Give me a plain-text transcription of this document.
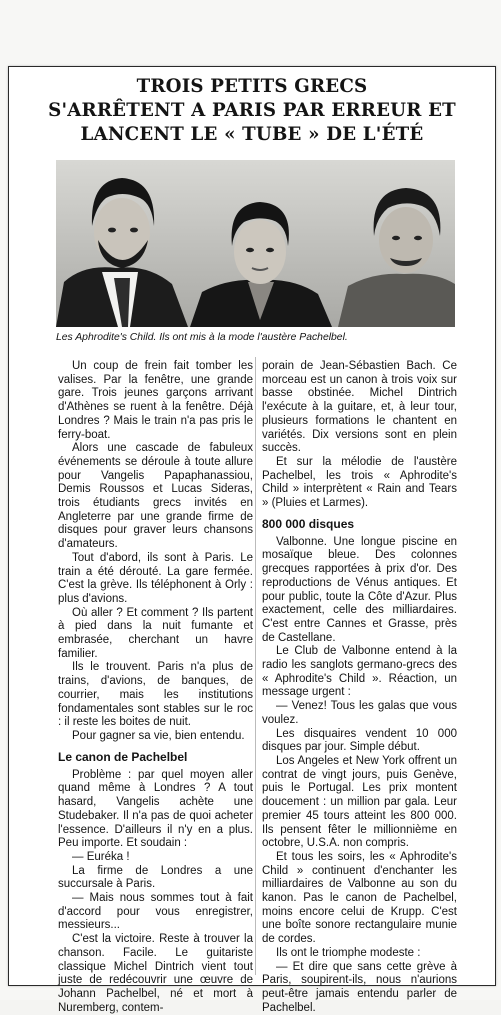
TROIS PETITS GRECS
S'ARRÊTENT A PARIS PAR ERREUR ET
LANCENT LE « TUBE » DE L'ÉTÉ
Les Aphrodite's Child. Ils ont mis à la mode l'austère Pachelbel.

Un coup de frein fait tomber les valises. Par la fenêtre, une grande gare. Trois jeunes garçons arrivant d'Athènes se ruent à la fenêtre. Déjà Londres ? Mais le train n'a pas pris le ferry-boat.

Alors une cascade de fabuleux événements se déroule à toute allure pour Vangelis Papaphanassiou, Demis Roussos et Lucas Sideras, trois étudiants grecs invités en Angleterre par une grande firme de disques pour graver leurs chansons d'amateurs.

Tout d'abord, ils sont à Paris. Le train a été dérouté. La gare fermée. C'est la grève. Ils téléphonent à Orly : plus d'avions.

Où aller ? Et comment ? Ils partent à pied dans la nuit fumante et embrasée, cherchant un havre familier.

Ils le trouvent. Paris n'a plus de trains, d'avions, de banques, de courrier, mais les institutions fondamentales sont stables sur le roc : il reste les boites de nuit.

Pour gagner sa vie, bien entendu.

Le canon de Pachelbel

Problème : par quel moyen aller quand même à Londres ? A tout hasard, Vangelis achète une Studebaker. Il n'a pas de quoi acheter l'essence. D'ailleurs il n'y en a plus. Peu importe. Et soudain :

— Euréka !

La firme de Londres a une succursale à Paris.

— Mais nous sommes tout à fait d'accord pour vous enregistrer, messieurs...

C'est la victoire. Reste à trouver la chanson. Facile. Le guitariste classique Michel Dintrich vient tout juste de redécouvrir une œuvre de Johann Pachelbel, né et mort à Nuremberg, contem-

porain de Jean-Sébastien Bach. Ce morceau est un canon à trois voix sur basse obstinée. Michel Dintrich l'exécute à la guitare, et, à leur tour, plusieurs formations le chantent en variétés. Dix versions sont en plein succès.

Et sur la mélodie de l'austère Pachelbel, les trois « Aphrodite's Child » interprètent « Rain and Tears » (Pluies et Larmes).

800 000 disques

Valbonne. Une longue piscine en mosaïque bleue. Des colonnes grecques rapportées à prix d'or. Des reproductions de Vénus antiques. Et pour public, toute la Côte d'Azur. Plus exactement, celle des milliardaires. C'est entre Cannes et Grasse, près de Castellane.

Le Club de Valbonne entend à la radio les sanglots germano-grecs des « Aphrodite's Child ». Réaction, un message urgent :

— Venez! Tous les galas que vous voulez.

Les disquaires vendent 10 000 disques par jour. Simple début.

Los Angeles et New York offrent un contrat de vingt jours, puis Genève, puis le Portugal. Les prix montent doucement : un million par gala. Leur premier 45 tours atteint les 800 000. Ils pensent fêter le millionnième en octobre, U.S.A. non compris.

Et tous les soirs, les « Aphrodite's Child » continuent d'enchanter les milliardaires de Valbonne au son du kanon. Pas le canon de Pachelbel, moins encore celui de Krupp. C'est une boîte sonore rectangulaire munie de cordes.

Ils ont le triomphe modeste :

— Et dire que sans cette grève à Paris, soupirent-ils, nous n'aurions peut-être jamais entendu parler de Pachelbel.
